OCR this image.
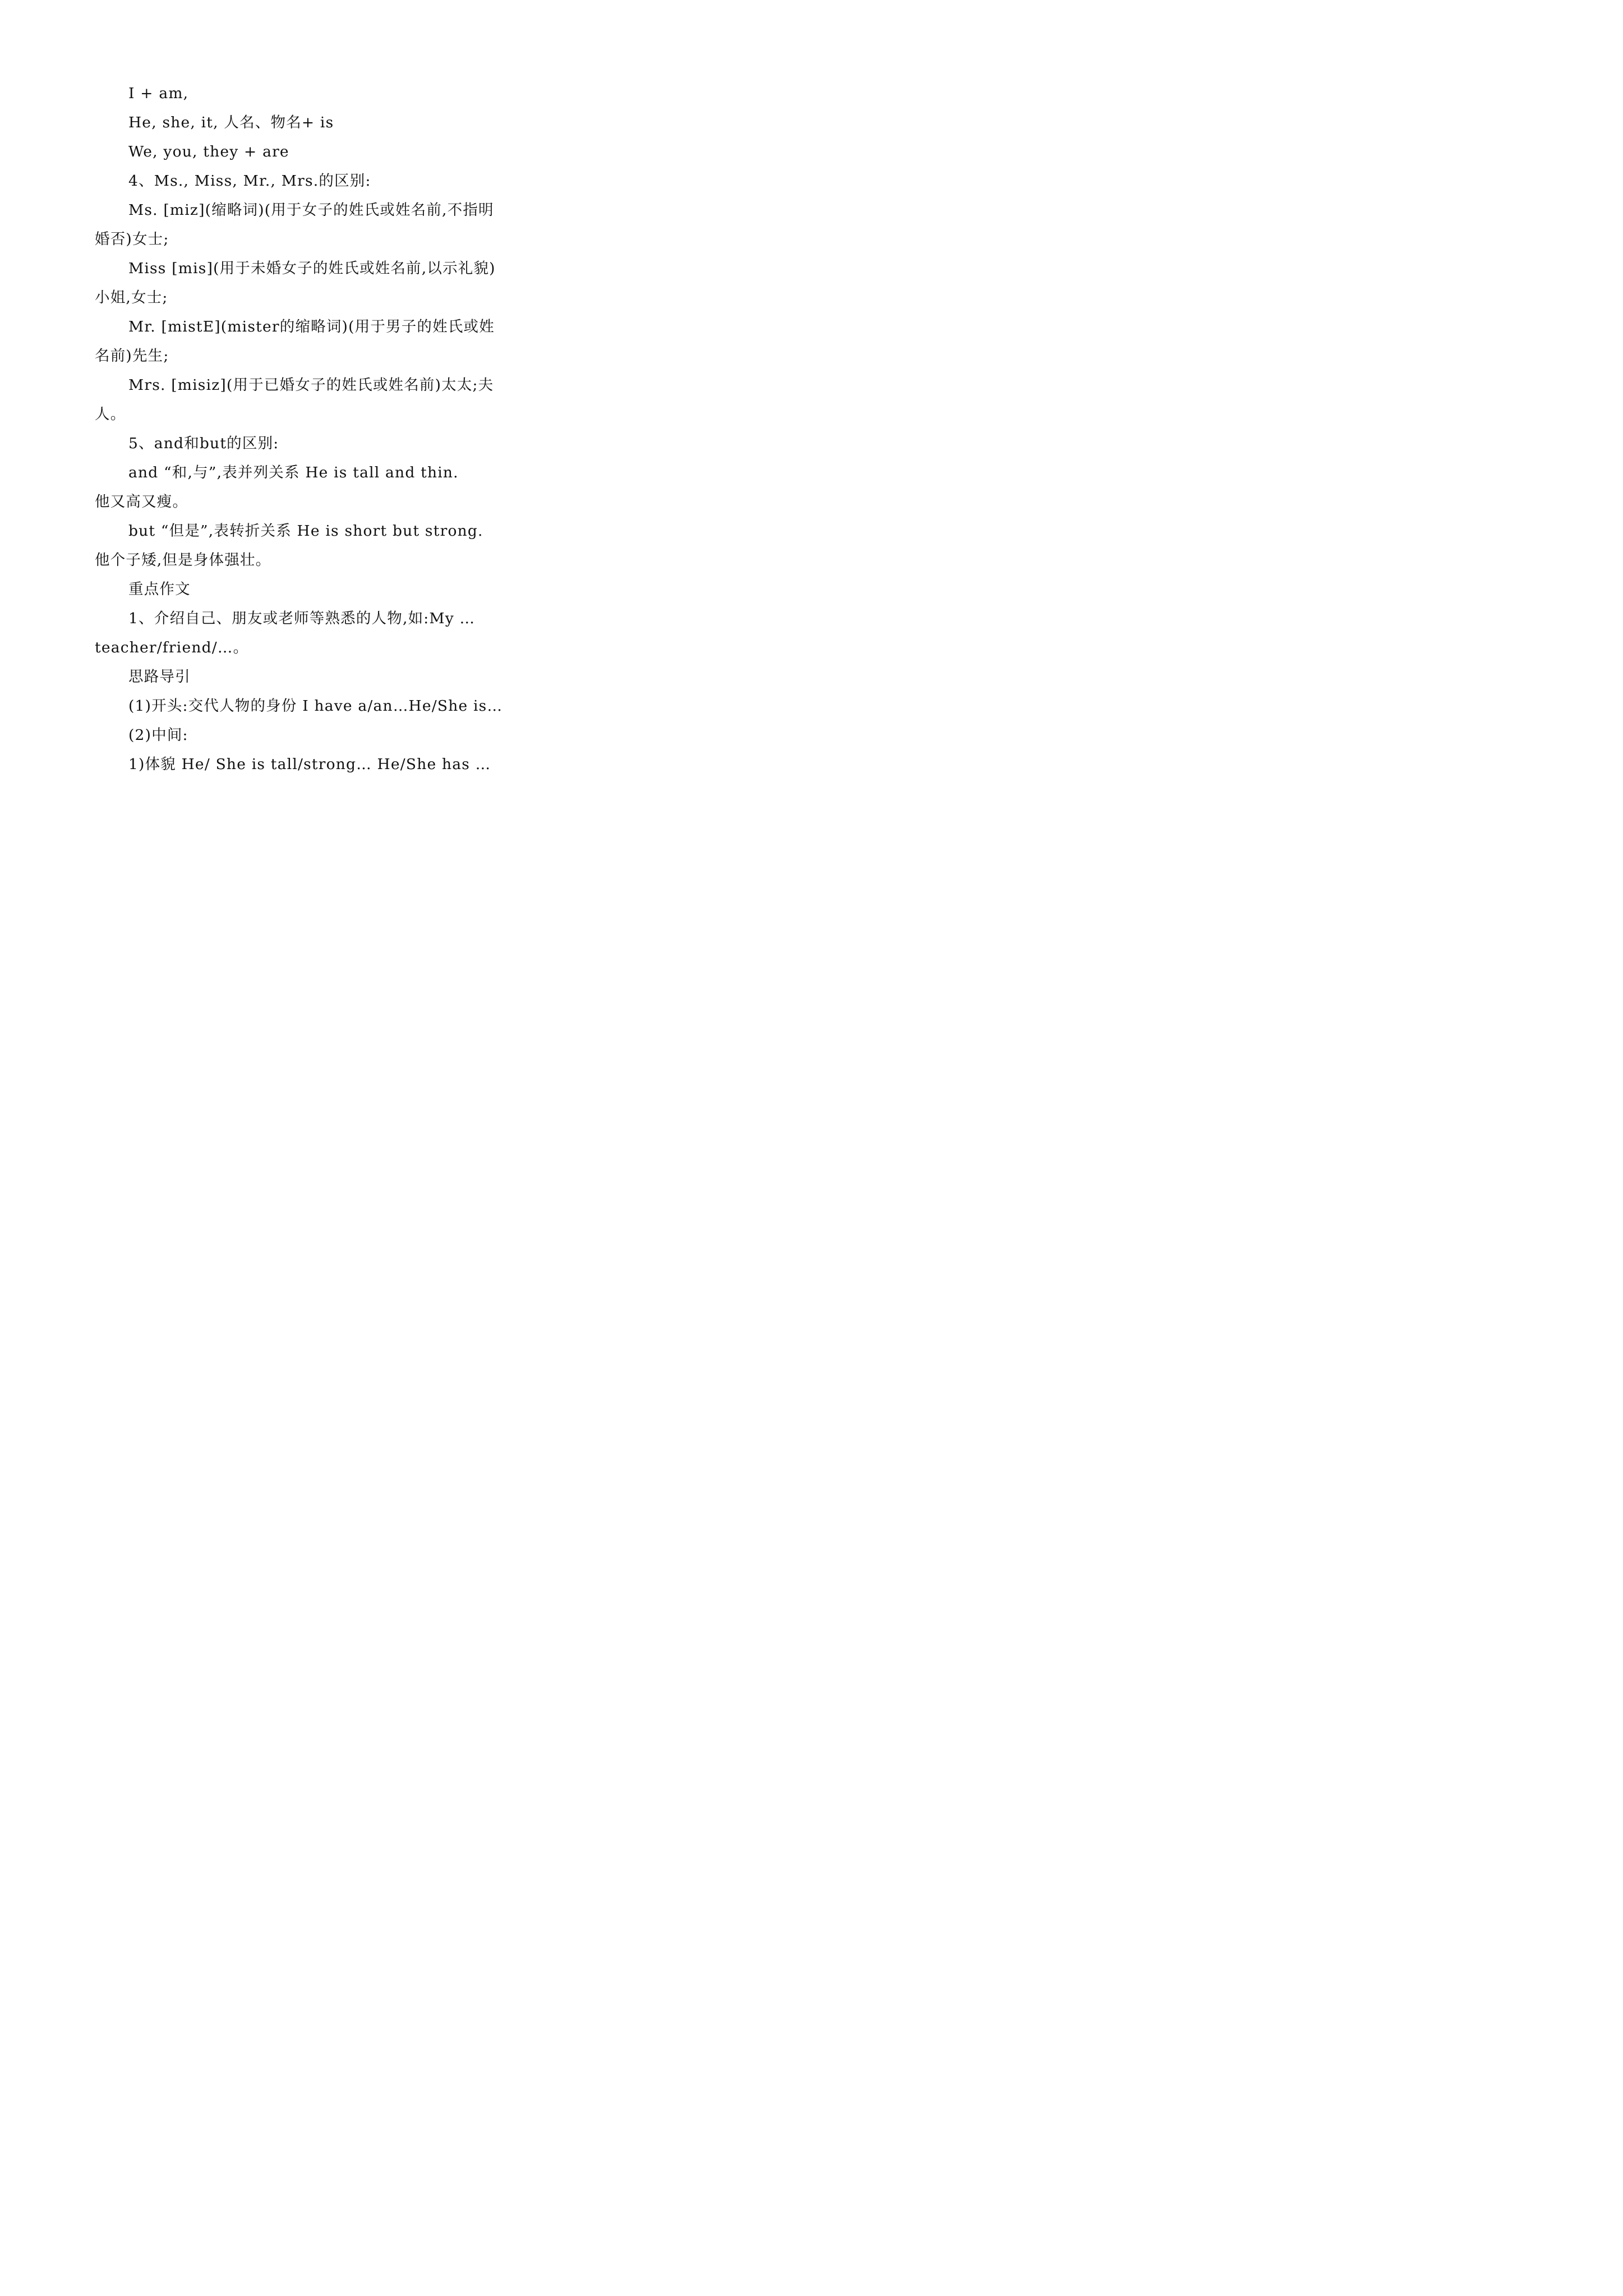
I + am,
He, she, it, 人名、物名+ is
We, you, they + are
4、Ms., Miss, Mr., Mrs.的区别:
Ms. [miz](缩略词)(用于女子的姓氏或姓名前,不指明
婚否)女士;
Miss [mis](用于未婚女子的姓氏或姓名前,以示礼貌)
小姐,女士;
Mr. [mistE](mister的缩略词)(用于男子的姓氏或姓
名前)先生;
Mrs. [misiz](用于已婚女子的姓氏或姓名前)太太;夫
人。
5、and和but的区别:
and “和,与”,表并列关系 He is tall and thin.
他又高又瘦。
but “但是”,表转折关系 He is short but strong.
他个子矮,但是身体强壮。
重点作文
1、介绍自己、朋友或老师等熟悉的人物,如:My …
teacher/friend/…。
思路导引
(1)开头:交代人物的身份 I have a/an…He/She is…
(2)中间:
1)体貌 He/ She is tall/strong… He/She has …
